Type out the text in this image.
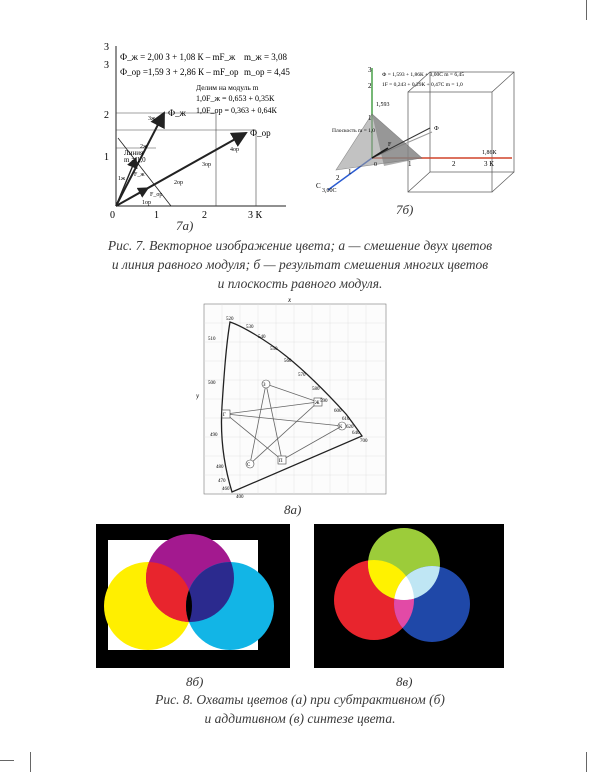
3
3
2
1
0	1	2	3 К
Ф_ж = 2,00 З + 1,08 К – mF_ж m_ж = 3,08
Ф_ор =1,59 З + 2,86 К – mF_ор m_ор = 4,45
Делим на модуль m
1,0F_ж = 0,653 + 0,35К
1,0F_ор = 0,363 + 0,64К
Ф_ж
Ф_ор
Линия
m = 1,0
3ж
2ж
1ж
F_ж
F_ор
1ор
2ор
3ор
4ор
7а)
Ф = 1,593 + 1,86К + 3,00С m = 6,45
1F = 0,243 + 0,29К + 0,47С m = 1,0
3
2
1
1,593
Плоскость m = 1,0	Ф
F
1,86К
3,00С
1	2	3 К
1
2
С
0
7б)
Рис. 7. Векторное изображение цвета; а — смешение двух цветов
и линия равного модуля; б — результат смешения многих цветов
и плоскость равного модуля.
З
Ж
Г
К
С
П
520
530
540
550
560
570
580
590
600
610
620
640
700
510
500
490
480
470
460
400
x
y
8а)
8б)	8в)
Рис. 8. Охваты цветов (а) при субтрактивном (б)
и аддитивном (в) синтезе цвета.
